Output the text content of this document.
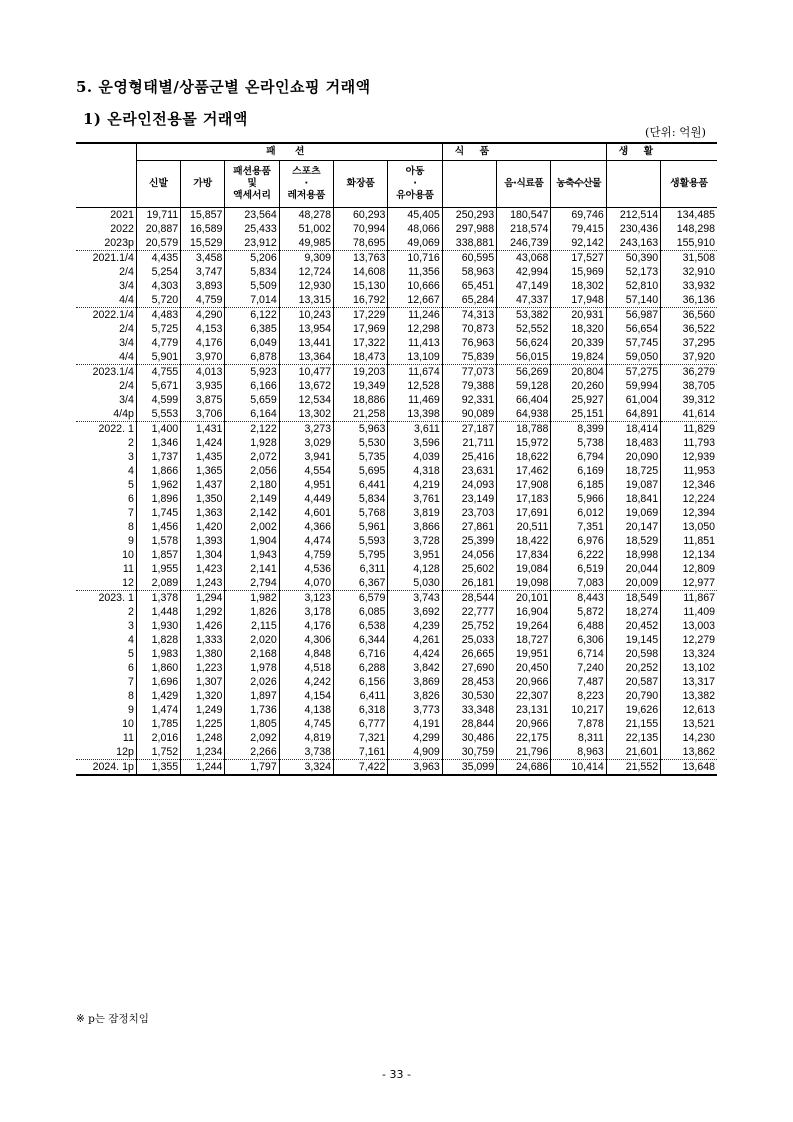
5. 운영형태별/상품군별 온라인쇼핑 거래액
1) 온라인전용몰 거래액
(단위: 억원)
	패 션						식 품			생 활	
	신발	가방	패션용품
및
액세서리	스포츠
·
레저용품	화장품	아동
·
유아용품		음·식료품	농축수산물		생활용품
2021	19,711	15,857	23,564	48,278	60,293	45,405	250,293	180,547	69,746	212,514	134,485
2022	20,887	16,589	25,433	51,002	70,994	48,066	297,988	218,574	79,415	230,436	148,298
2023p	20,579	15,529	23,912	49,985	78,695	49,069	338,881	246,739	92,142	243,163	155,910
2021.1/4	4,435	3,458	5,206	9,309	13,763	10,716	60,595	43,068	17,527	50,390	31,508
2/4	5,254	3,747	5,834	12,724	14,608	11,356	58,963	42,994	15,969	52,173	32,910
3/4	4,303	3,893	5,509	12,930	15,130	10,666	65,451	47,149	18,302	52,810	33,932
4/4	5,720	4,759	7,014	13,315	16,792	12,667	65,284	47,337	17,948	57,140	36,136
2022.1/4	4,483	4,290	6,122	10,243	17,229	11,246	74,313	53,382	20,931	56,987	36,560
2/4	5,725	4,153	6,385	13,954	17,969	12,298	70,873	52,552	18,320	56,654	36,522
3/4	4,779	4,176	6,049	13,441	17,322	11,413	76,963	56,624	20,339	57,745	37,295
4/4	5,901	3,970	6,878	13,364	18,473	13,109	75,839	56,015	19,824	59,050	37,920
2023.1/4	4,755	4,013	5,923	10,477	19,203	11,674	77,073	56,269	20,804	57,275	36,279
2/4	5,671	3,935	6,166	13,672	19,349	12,528	79,388	59,128	20,260	59,994	38,705
3/4	4,599	3,875	5,659	12,534	18,886	11,469	92,331	66,404	25,927	61,004	39,312
4/4p	5,553	3,706	6,164	13,302	21,258	13,398	90,089	64,938	25,151	64,891	41,614
2022. 1	1,400	1,431	2,122	3,273	5,963	3,611	27,187	18,788	8,399	18,414	11,829
2	1,346	1,424	1,928	3,029	5,530	3,596	21,711	15,972	5,738	18,483	11,793
3	1,737	1,435	2,072	3,941	5,735	4,039	25,416	18,622	6,794	20,090	12,939
4	1,866	1,365	2,056	4,554	5,695	4,318	23,631	17,462	6,169	18,725	11,953
5	1,962	1,437	2,180	4,951	6,441	4,219	24,093	17,908	6,185	19,087	12,346
6	1,896	1,350	2,149	4,449	5,834	3,761	23,149	17,183	5,966	18,841	12,224
7	1,745	1,363	2,142	4,601	5,768	3,819	23,703	17,691	6,012	19,069	12,394
8	1,456	1,420	2,002	4,366	5,961	3,866	27,861	20,511	7,351	20,147	13,050
9	1,578	1,393	1,904	4,474	5,593	3,728	25,399	18,422	6,976	18,529	11,851
10	1,857	1,304	1,943	4,759	5,795	3,951	24,056	17,834	6,222	18,998	12,134
11	1,955	1,423	2,141	4,536	6,311	4,128	25,602	19,084	6,519	20,044	12,809
12	2,089	1,243	2,794	4,070	6,367	5,030	26,181	19,098	7,083	20,009	12,977
2023. 1	1,378	1,294	1,982	3,123	6,579	3,743	28,544	20,101	8,443	18,549	11,867
2	1,448	1,292	1,826	3,178	6,085	3,692	22,777	16,904	5,872	18,274	11,409
3	1,930	1,426	2,115	4,176	6,538	4,239	25,752	19,264	6,488	20,452	13,003
4	1,828	1,333	2,020	4,306	6,344	4,261	25,033	18,727	6,306	19,145	12,279
5	1,983	1,380	2,168	4,848	6,716	4,424	26,665	19,951	6,714	20,598	13,324
6	1,860	1,223	1,978	4,518	6,288	3,842	27,690	20,450	7,240	20,252	13,102
7	1,696	1,307	2,026	4,242	6,156	3,869	28,453	20,966	7,487	20,587	13,317
8	1,429	1,320	1,897	4,154	6,411	3,826	30,530	22,307	8,223	20,790	13,382
9	1,474	1,249	1,736	4,138	6,318	3,773	33,348	23,131	10,217	19,626	12,613
10	1,785	1,225	1,805	4,745	6,777	4,191	28,844	20,966	7,878	21,155	13,521
11	2,016	1,248	2,092	4,819	7,321	4,299	30,486	22,175	8,311	22,135	14,230
12p	1,752	1,234	2,266	3,738	7,161	4,909	30,759	21,796	8,963	21,601	13,862
2024. 1p	1,355	1,244	1,797	3,324	7,422	3,963	35,099	24,686	10,414	21,552	13,648
※ p는 잠정치임
- 33 -
